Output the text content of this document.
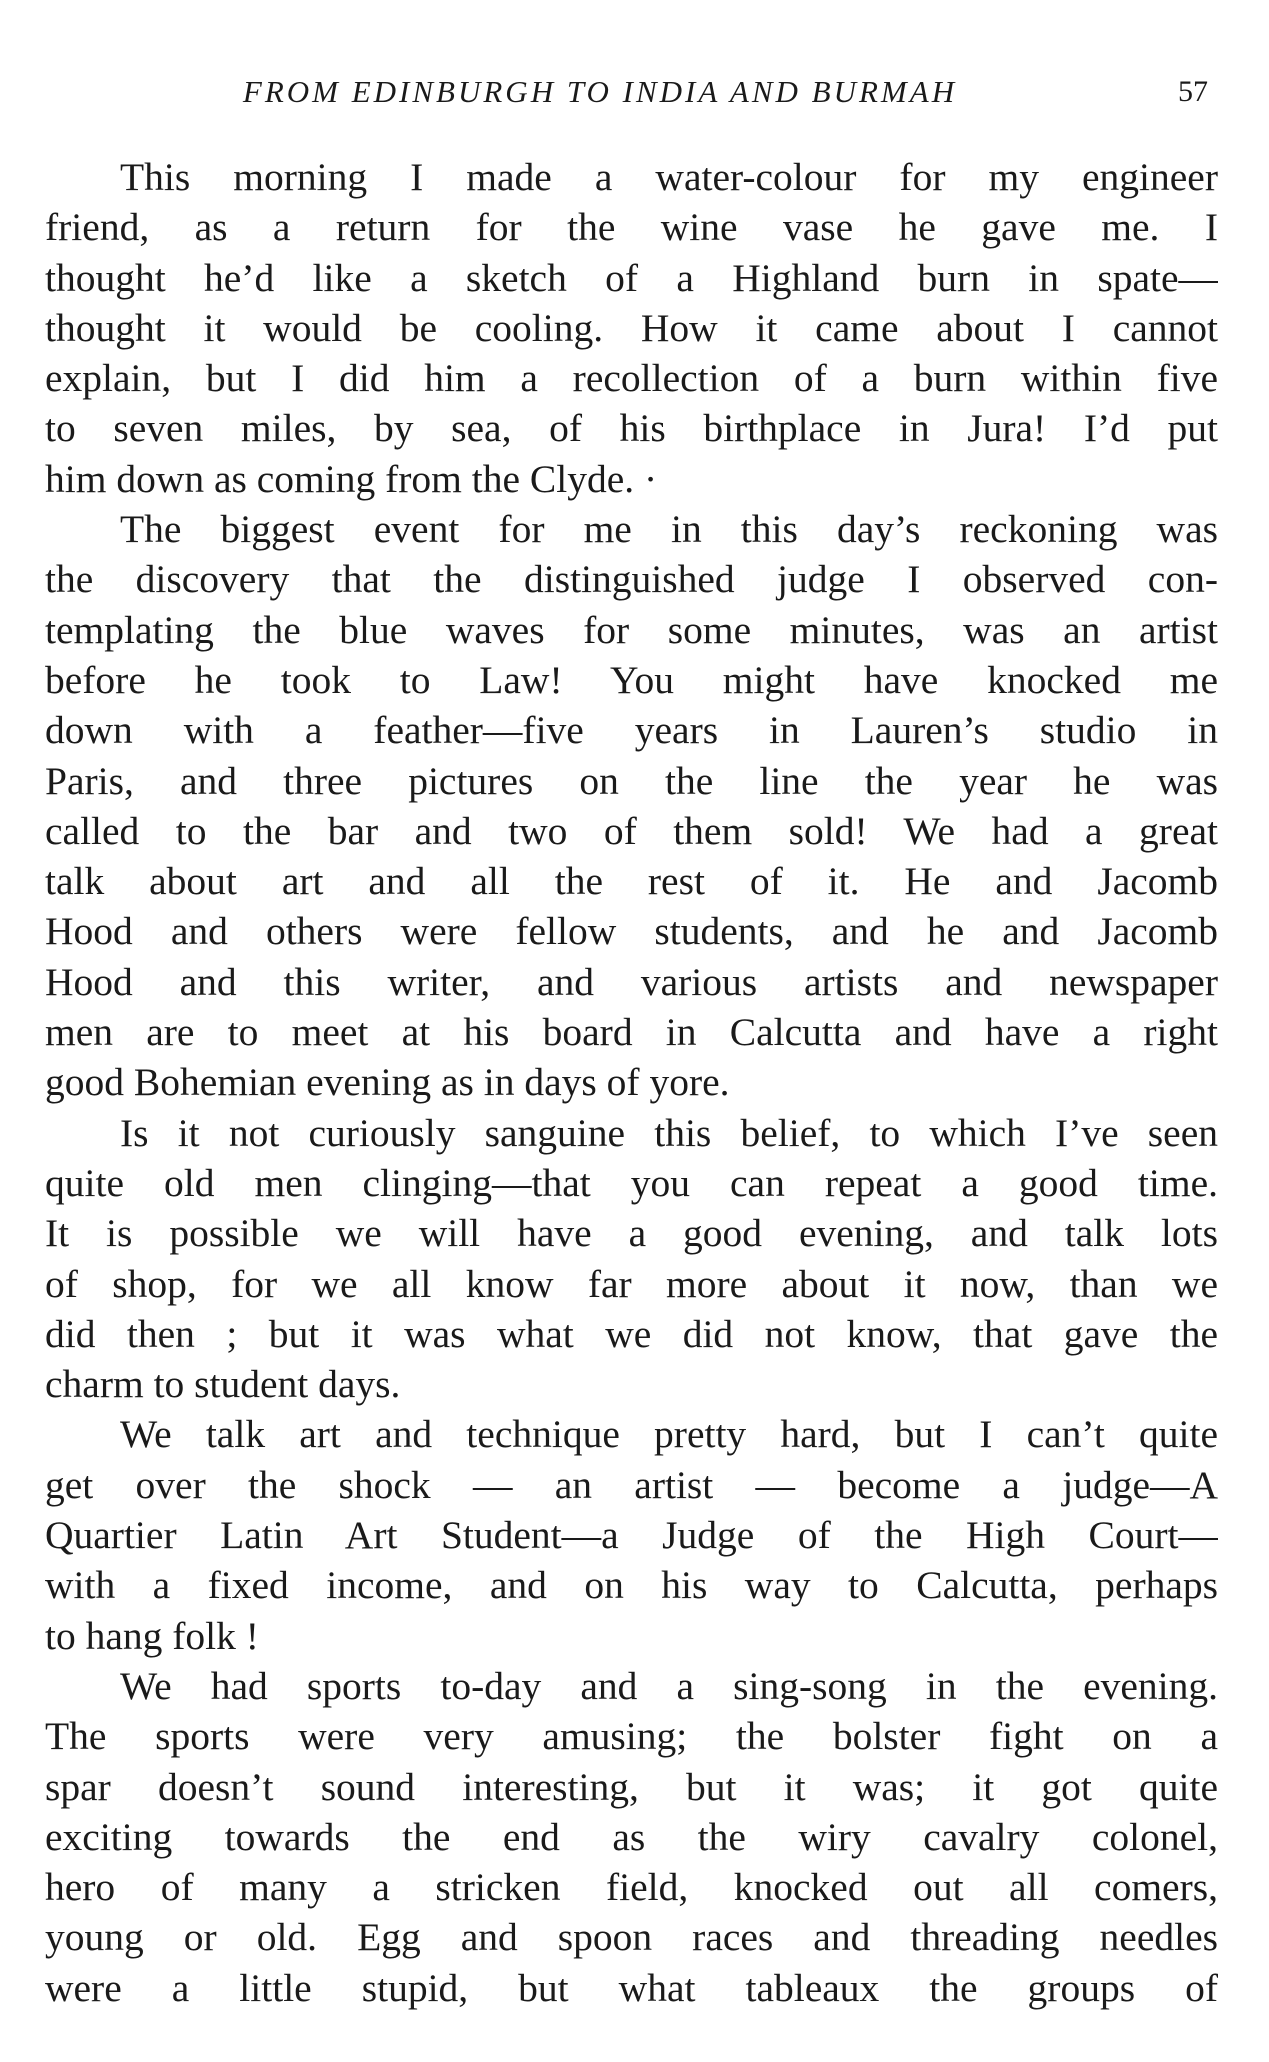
FROM EDINBURGH TO INDIA AND BURMAH	57
This morning I made a water-colour for my engineer
friend, as a return for the wine vase he gave me. I
thought he’d like a sketch of a Highland burn in spate—
thought it would be cooling. How it came about I cannot
explain, but I did him a recollection of a burn within five
to seven miles, by sea, of his birthplace in Jura! I’d put
him down as coming from the Clyde. ·
The biggest event for me in this day’s reckoning was
the discovery that the distinguished judge I observed con-
templating the blue waves for some minutes, was an artist
before he took to Law! You might have knocked me
down with a feather—five years in Lauren’s studio in
Paris, and three pictures on the line the year he was
called to the bar and two of them sold! We had a great
talk about art and all the rest of it. He and Jacomb
Hood and others were fellow students, and he and Jacomb
Hood and this writer, and various artists and newspaper
men are to meet at his board in Calcutta and have a right
good Bohemian evening as in days of yore.
Is it not curiously sanguine this belief, to which I’ve seen
quite old men clinging—that you can repeat a good time.
It is possible we will have a good evening, and talk lots
of shop, for we all know far more about it now, than we
did then ; but it was what we did not know, that gave the
charm to student days.
We talk art and technique pretty hard, but I can’t quite
get over the shock — an artist — become a judge—A
Quartier Latin Art Student—a Judge of the High Court—
with a fixed income, and on his way to Calcutta, perhaps
to hang folk !
We had sports to-day and a sing-song in the evening.
The sports were very amusing; the bolster fight on a
spar doesn’t sound interesting, but it was; it got quite
exciting towards the end as the wiry cavalry colonel,
hero of many a stricken field, knocked out all comers,
young or old. Egg and spoon races and threading needles
were a little stupid, but what tableaux the groups of
